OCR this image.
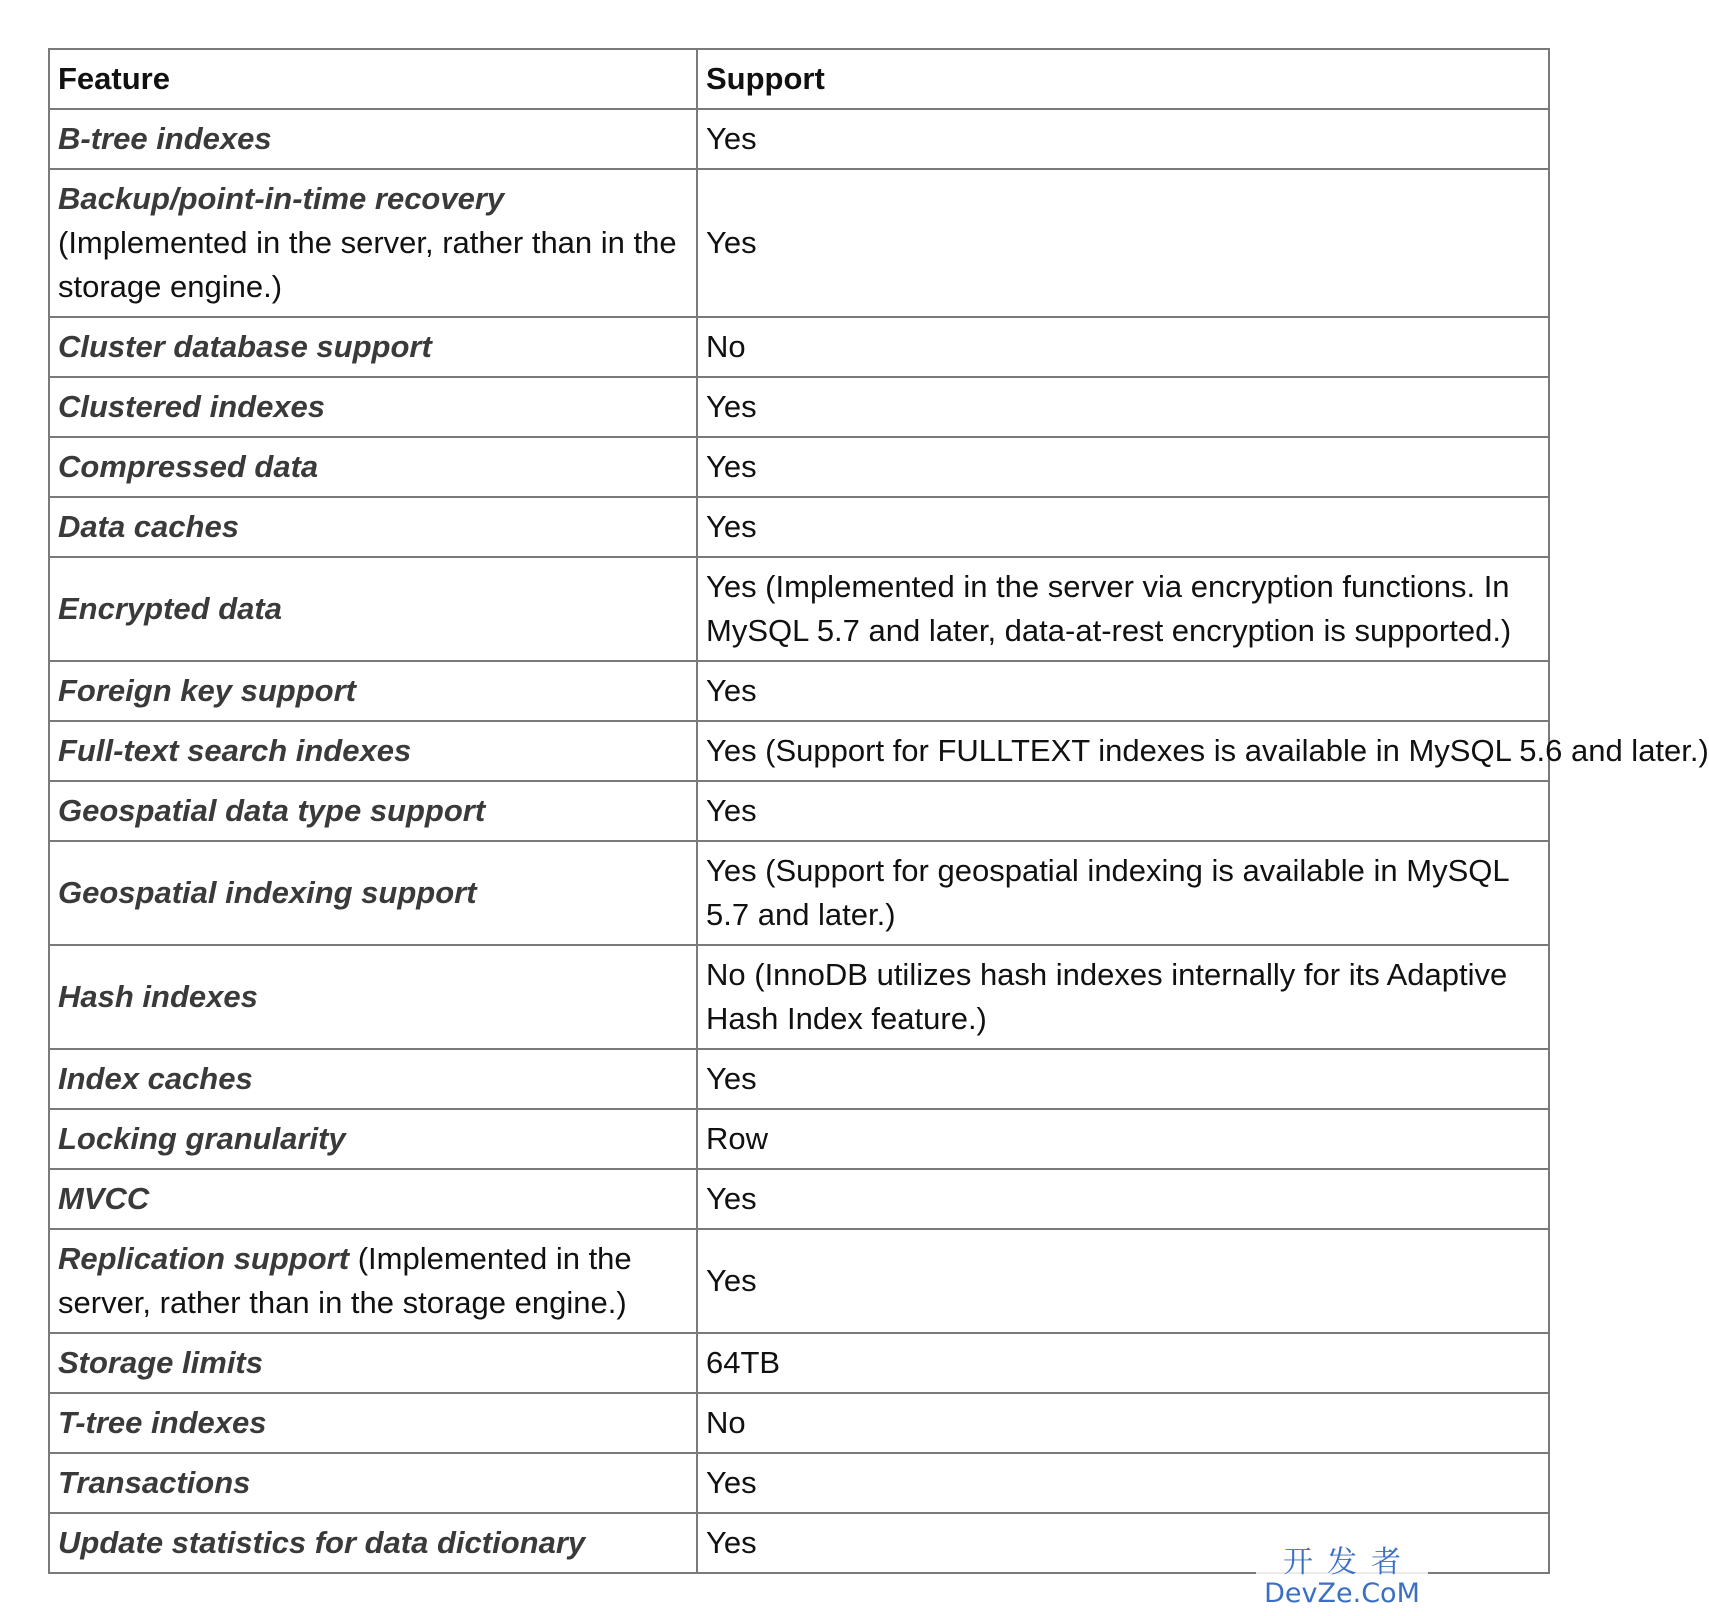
Feature	Support
B-tree indexes	Yes
Backup/point-in-time recovery
(Implemented in the server, rather than in the storage engine.)	Yes
Cluster database support	No
Clustered indexes	Yes
Compressed data	Yes
Data caches	Yes
Encrypted data	Yes (Implemented in the server via encryption functions. In MySQL 5.7 and later, data-at-rest encryption is supported.)
Foreign key support	Yes
Full-text search indexes	Yes (Support for FULLTEXT indexes is available in MySQL 5.6 and later.)
Geospatial data type support	Yes
Geospatial indexing support	Yes (Support for geospatial indexing is available in MySQL 5.7 and later.)
Hash indexes	No (InnoDB utilizes hash indexes internally for its Adaptive Hash Index feature.)
Index caches	Yes
Locking granularity	Row
MVCC	Yes
Replication support (Implemented in the server, rather than in the storage engine.)	Yes
Storage limits	64TB
T-tree indexes	No
Transactions	Yes
Update statistics for data dictionary	Yes
开发者
DevZe.CoM
